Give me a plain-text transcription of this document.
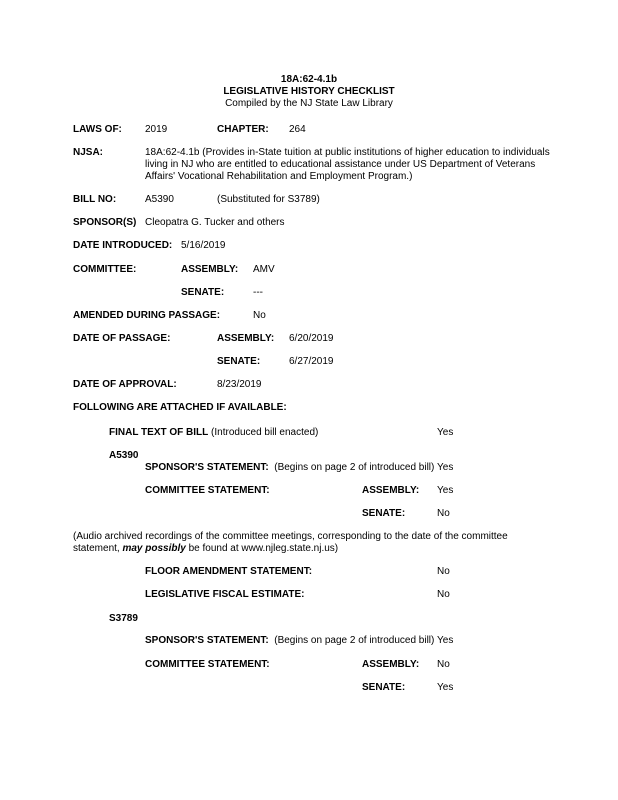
18A:62-4.1b
LEGISLATIVE HISTORY CHECKLIST
Compiled by the NJ State Law Library
LAWS OF: 2019	CHAPTER: 264
NJSA:	18A:62-4.1b (Provides in-State tuition at public institutions of higher education to individuals
living in NJ who are entitled to educational assistance under US Department of Veterans
Affairs' Vocational Rehabilitation and Employment Program.)
BILL NO:	A5390	(Substituted for S3789)
SPONSOR(S) Cleopatra G. Tucker and others
DATE INTRODUCED: 5/16/2019
COMMITTEE:	ASSEMBLY: AMV
SENATE:	---
AMENDED DURING PASSAGE:	No
DATE OF PASSAGE:	ASSEMBLY: 6/20/2019
SENATE:	6/27/2019
DATE OF APPROVAL:	8/23/2019
FOLLOWING ARE ATTACHED IF AVAILABLE:
FINAL TEXT OF BILL (Introduced bill enacted)	Yes
A5390
SPONSOR'S STATEMENT: (Begins on page 2 of introduced bill) Yes
COMMITTEE STATEMENT:	ASSEMBLY: Yes
SENATE:	No
(Audio archived recordings of the committee meetings, corresponding to the date of the committee
statement, may possibly be found at www.njleg.state.nj.us)
FLOOR AMENDMENT STATEMENT:	No
LEGISLATIVE FISCAL ESTIMATE:	No
S3789
SPONSOR'S STATEMENT: (Begins on page 2 of introduced bill) Yes
COMMITTEE STATEMENT:	ASSEMBLY: No
SENATE:	Yes
